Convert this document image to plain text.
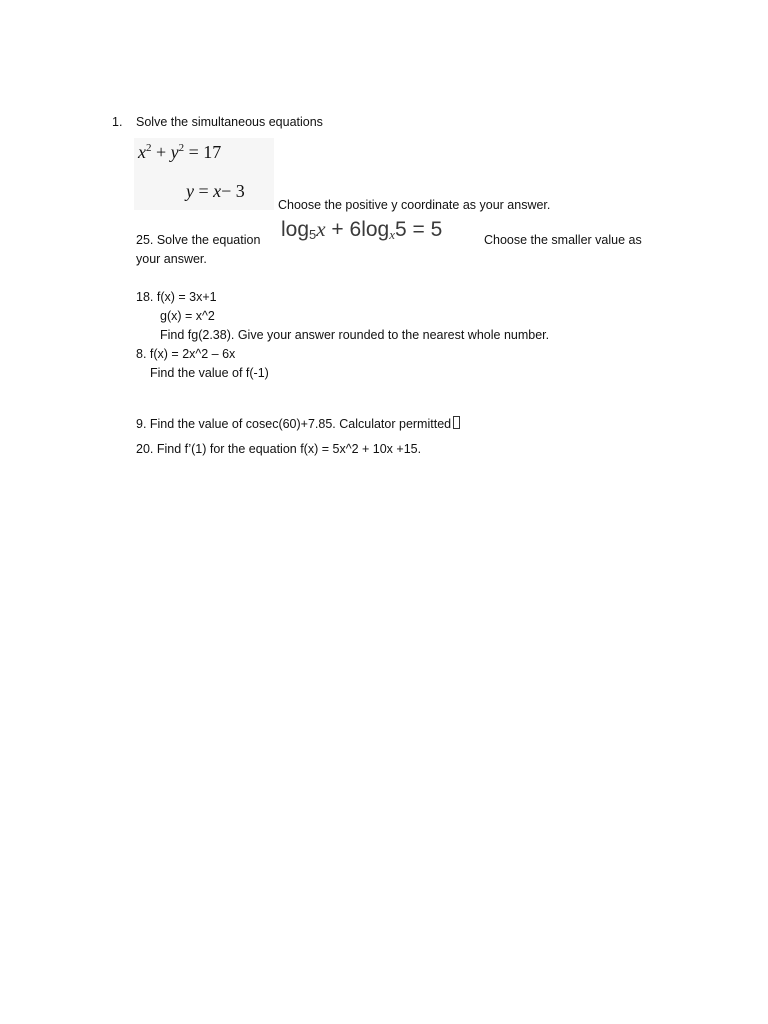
1. Solve the simultaneous equations
$x^2 + y^2 = 17$
y = x− 3
Choose the positive y coordinate as your answer.
25. Solve the equation $\log_5x + 6\log_x5 = 5$	Choose the smaller value as
your answer.
18. f(x) = 3x+1
g(x) = x^2
Find fg(2.38). Give your answer rounded to the nearest whole number.
8. f(x) = 2x^2 – 6x
Find the value of f(-1)
9. Find the value of cosec(60)+7.85. Calculator permitted
20. Find f’(1) for the equation f(x) = 5x^2 + 10x +15.
